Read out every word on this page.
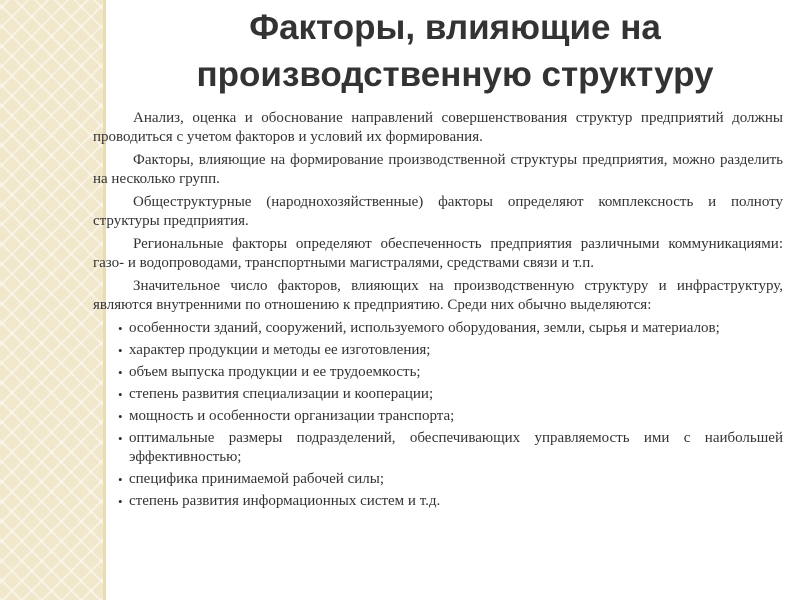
Факторы, влияющие на
производственную структуру

Анализ, оценка и обоснование направлений совершенствования структур предприятий должны проводиться с учетом факторов и условий их формирования.

Факторы, влияющие на формирование производственной структуры предприятия, можно разделить на несколько групп.

Общеструктурные (народнохозяйственные) факторы определяют комплексность и полноту структуры предприятия.

Региональные факторы определяют обеспеченность предприятия различными коммуникациями: газо- и водопроводами, транспортными магистралями, средствами связи и т.п.

Значительное число факторов, влияющих на производственную структуру и инфраструктуру, являются внутренними по отношению к предприятию. Среди них обычно выделяются:

• особенности зданий, сооружений, используемого оборудования, земли, сырья и материалов;
• характер продукции и методы ее изготовления;
• объем выпуска продукции и ее трудоемкость;
• степень развития специализации и кооперации;
• мощность и особенности организации транспорта;
• оптимальные размеры подразделений, обеспечивающих управляемость ими с наибольшей эффективностью;
• специфика принимаемой рабочей силы;
• степень развития информационных систем и т.д.
